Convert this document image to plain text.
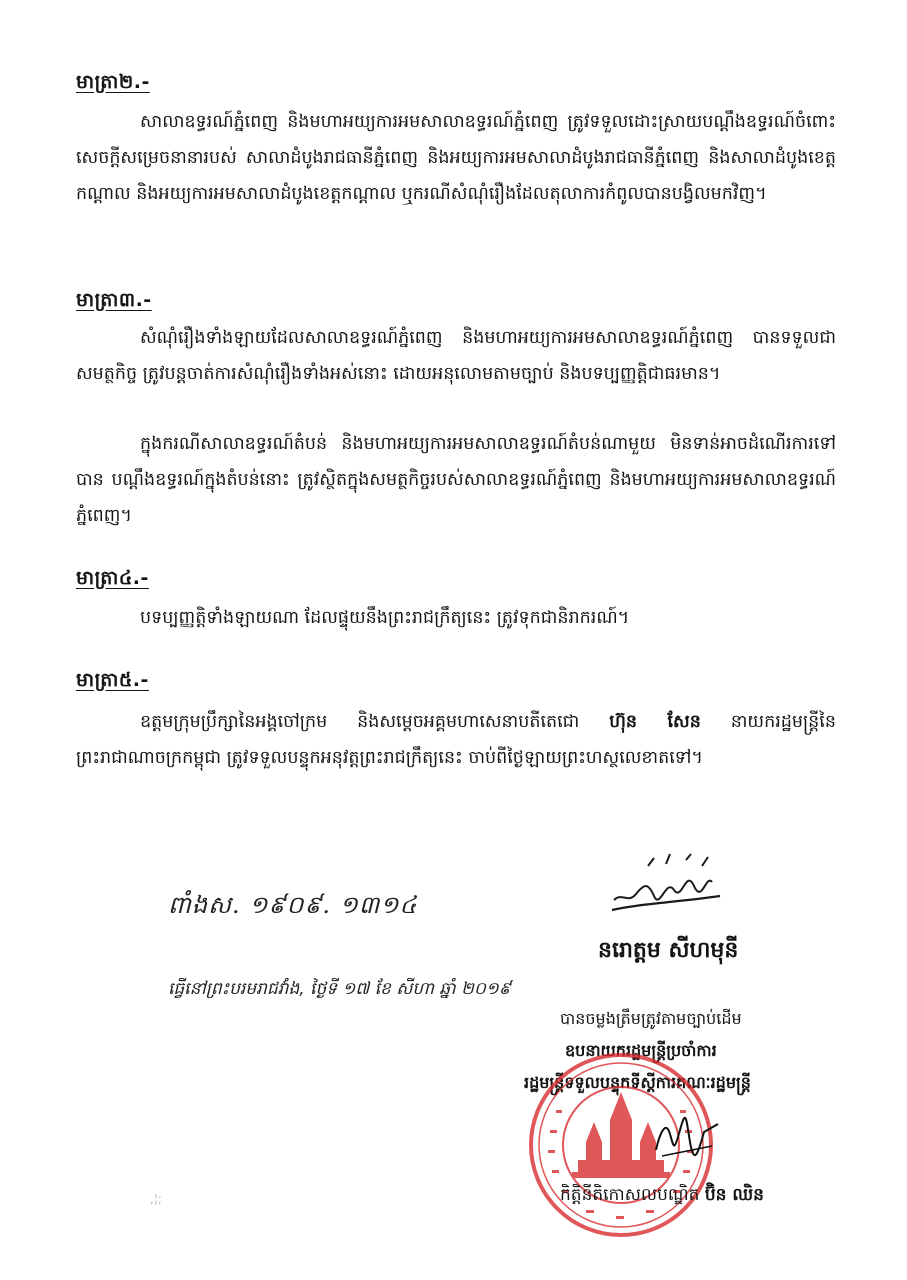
មាត្រា២.-
សាលាឧទ្ធរណ៍ភ្នំពេញ និងមហាអយ្យការអមសាលាឧទ្ធរណ៍ភ្នំពេញ ត្រូវទទួលដោះស្រាយបណ្តឹងឧទ្ធរណ៍ចំពោះសេចក្តីសម្រេចនានារបស់ សាលាដំបូងរាជធានីភ្នំពេញ និងអយ្យការអមសាលាដំបូងរាជធានីភ្នំពេញ និងសាលាដំបូងខេត្តកណ្តាល និងអយ្យការអមសាលាដំបូងខេត្តកណ្តាល ឬករណីសំណុំរឿងដែលតុលាការកំពូលបានបង្វិលមកវិញ។
មាត្រា៣.-
សំណុំរឿងទាំងឡាយដែលសាលាឧទ្ធរណ៍ភ្នំពេញ និងមហាអយ្យការអមសាលាឧទ្ធរណ៍ភ្នំពេញ បានទទួលជាសមត្ថកិច្ច ត្រូវបន្តចាត់ការសំណុំរឿងទាំងអស់នោះ ដោយអនុលោមតាមច្បាប់ និងបទប្បញ្ញត្តិជាធរមាន។
ក្នុងករណីសាលាឧទ្ធរណ៍តំបន់ និងមហាអយ្យការអមសាលាឧទ្ធរណ៍តំបន់ណាមួយ មិនទាន់អាចដំណើរការទៅបាន បណ្តឹងឧទ្ធរណ៍ក្នុងតំបន់នោះ ត្រូវស្ថិតក្នុងសមត្ថកិច្ចរបស់សាលាឧទ្ធរណ៍ភ្នំពេញ និងមហាអយ្យការអមសាលាឧទ្ធរណ៍ភ្នំពេញ។
មាត្រា៤.-
បទប្បញ្ញត្តិទាំងឡាយណា ដែលផ្ទុយនឹងព្រះរាជក្រឹត្យនេះ ត្រូវទុកជានិរាករណ៍។
មាត្រា៥.-
ឧត្តមក្រុមប្រឹក្សានៃអង្គចៅក្រម និងសម្តេចអគ្គមហាសេនាបតីតេជោ ហ៊ុន សែន នាយករដ្ឋមន្ត្រីនៃព្រះរាជាណាចក្រកម្ពុជា ត្រូវទទួលបន្ទុកអនុវត្តព្រះរាជក្រឹត្យនេះ ចាប់ពីថ្ងៃឡាយព្រះហស្ថលេខាតទៅ។
ពាំងស. ១៩០៩. ១៣១៤
នរោត្តម សីហមុនី
ធ្វើនៅព្រះបរមរាជវាំង, ថ្ងៃទី ១៧ ខែ សីហា ឆ្នាំ ២០១៩
បានចម្លងត្រឹមត្រូវតាមច្បាប់ដើម
ឧបនាយករដ្ឋមន្ត្រីប្រចាំការ
រដ្ឋមន្ត្រីទទួលបន្ទុកទីស្តីការគណៈរដ្ឋមន្ត្រី
កិត្តិនីតិកោសលបណ្ឌិត ប៊ិន ឈិន
,¦;
